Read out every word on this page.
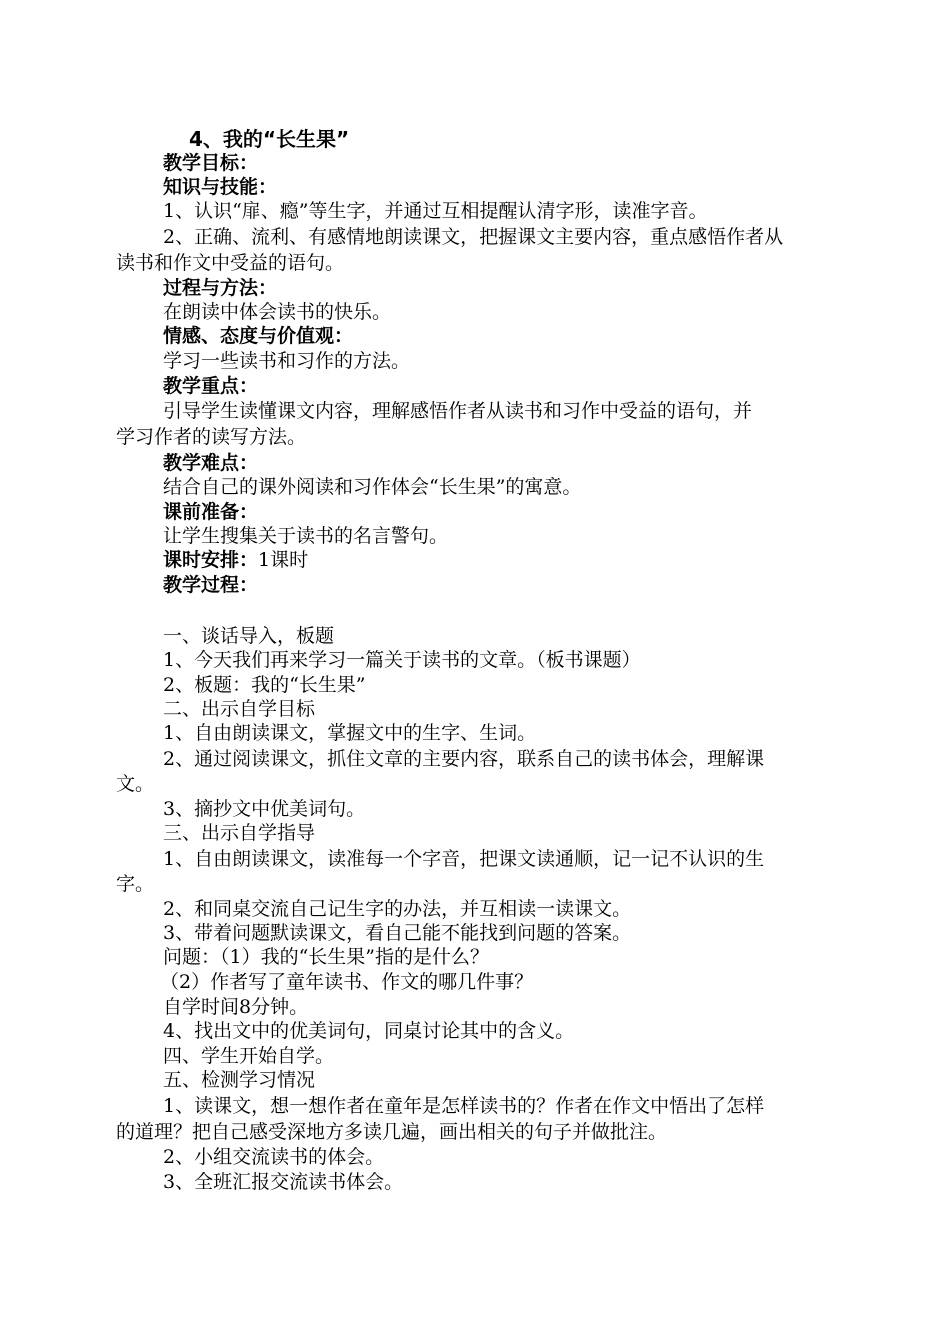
4、我的“长生果”
教学目标：
知识与技能：
1、认识“扉、瘾”等生字，并通过互相提醒认清字形，读准字音。
2、正确、流利、有感情地朗读课文，把握课文主要内容，重点感悟作者从
读书和作文中受益的语句。
过程与方法：
在朗读中体会读书的快乐。
情感、态度与价值观：
学习一些读书和习作的方法。
教学重点：
引导学生读懂课文内容，理解感悟作者从读书和习作中受益的语句，并
学习作者的读写方法。
教学难点：
结合自己的课外阅读和习作体会“长生果”的寓意。
课前准备：
让学生搜集关于读书的名言警句。
课时安排：1课时
教学过程：
一、谈话导入，板题
1、今天我们再来学习一篇关于读书的文章。（板书课题）
2、板题：我的“长生果”
二、出示自学目标
1、自由朗读课文，掌握文中的生字、生词。
2、通过阅读课文，抓住文章的主要内容，联系自己的读书体会，理解课
文。
3、摘抄文中优美词句。
三、出示自学指导
1、自由朗读课文，读准每一个字音，把课文读通顺，记一记不认识的生
字。
2、和同桌交流自己记生字的办法，并互相读一读课文。
3、带着问题默读课文，看自己能不能找到问题的答案。
问题：（1）我的“长生果”指的是什么？
（2）作者写了童年读书、作文的哪几件事？
自学时间8分钟。
4、找出文中的优美词句，同桌讨论其中的含义。
四、学生开始自学。
五、检测学习情况
1、读课文，想一想作者在童年是怎样读书的？作者在作文中悟出了怎样
的道理？把自己感受深地方多读几遍，画出相关的句子并做批注。
2、小组交流读书的体会。
3、全班汇报交流读书体会。
